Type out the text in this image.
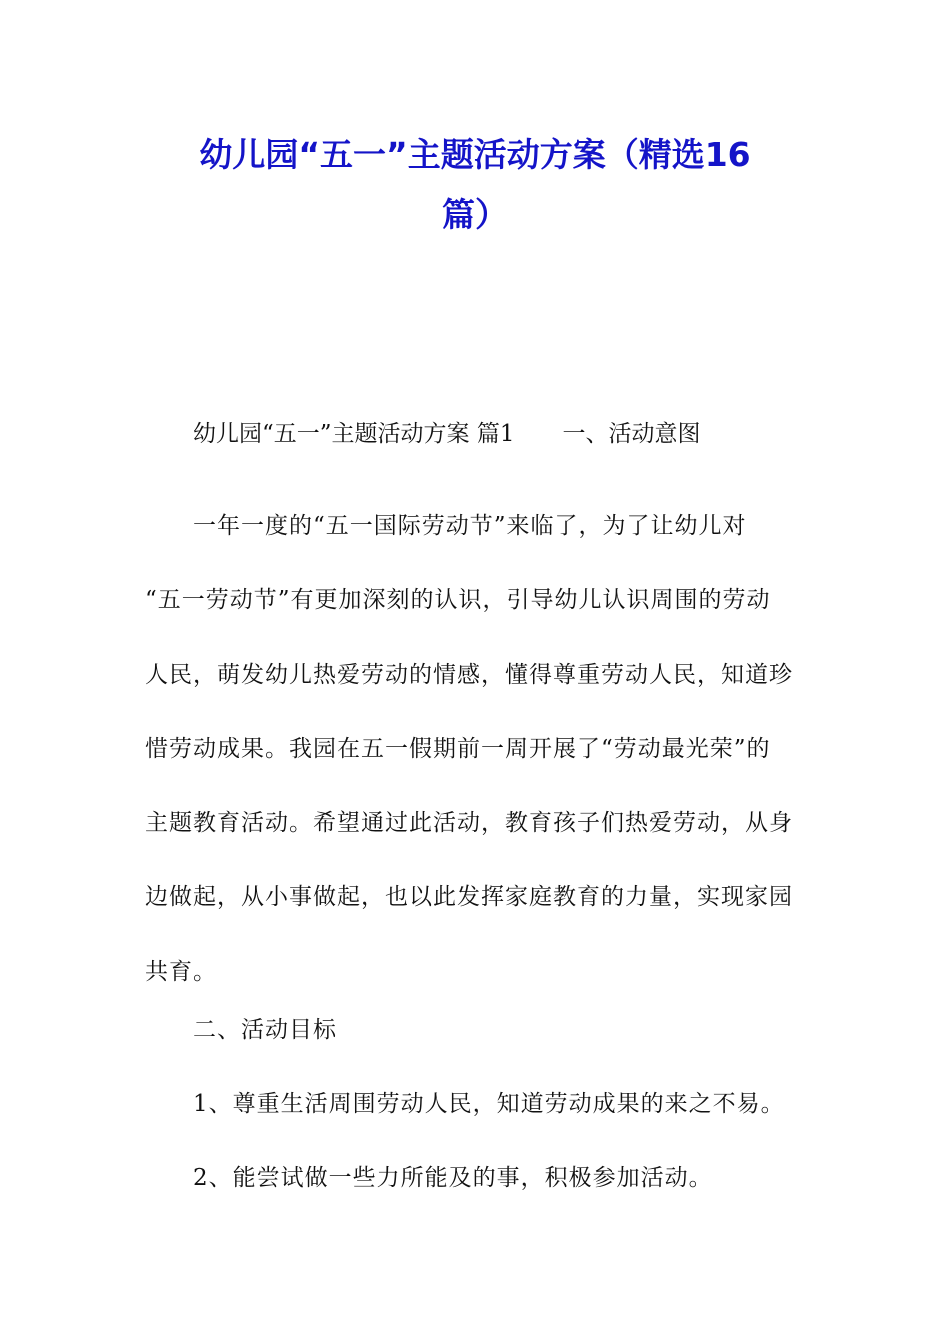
幼儿园“五一”主题活动方案（精选16
篇）

幼儿园“五一”主题活动方案 篇1 一、活动意图

一年一度的“五一国际劳动节”来临了，为了让幼儿对
“五一劳动节”有更加深刻的认识，引导幼儿认识周围的劳动
人民，萌发幼儿热爱劳动的情感，懂得尊重劳动人民，知道珍
惜劳动成果。我园在五一假期前一周开展了“劳动最光荣”的
主题教育活动。希望通过此活动，教育孩子们热爱劳动，从身
边做起，从小事做起，也以此发挥家庭教育的力量，实现家园
共育。

二、活动目标

1、尊重生活周围劳动人民，知道劳动成果的来之不易。

2、能尝试做一些力所能及的事，积极参加活动。
